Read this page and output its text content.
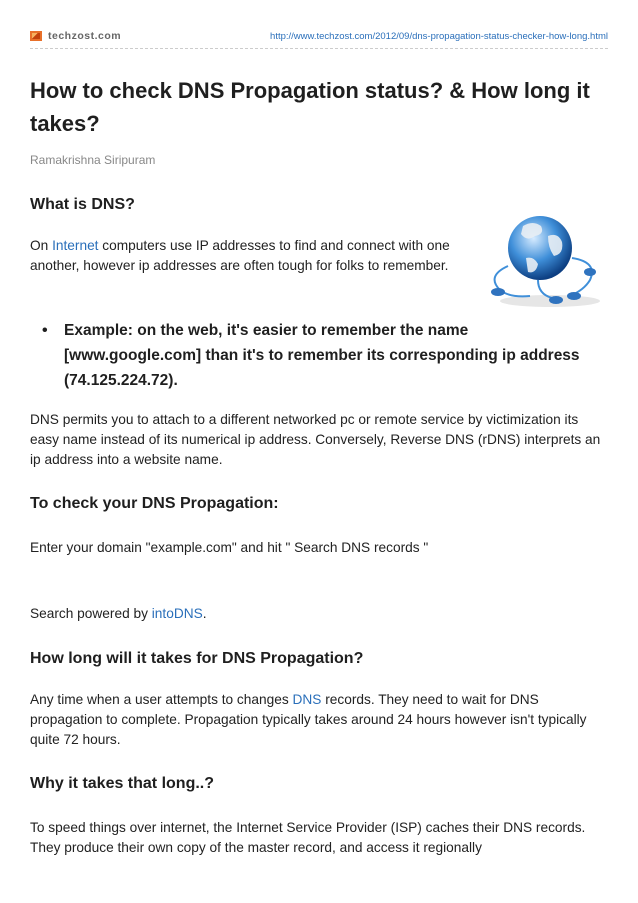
techzost.com	http://www.techzost.com/2012/09/dns-propagation-status-checker-how-long.html
How to check DNS Propagation status? & How long it takes?
Ramakrishna Siripuram
What is DNS?

On Internet computers use IP addresses to find and connect with one another, however ip addresses are often tough for folks to remember.

• Example: on the web, it's easier to remember the name [www.google.com] than it's to remember its corresponding ip address (74.125.224.72).

DNS permits you to attach to a different networked pc or remote service by victimization its easy name instead of its numerical ip address. Conversely, Reverse DNS (rDNS) interprets an ip address into a website name.

To check your DNS Propagation:

Enter your domain "example.com" and hit " Search DNS records "

Search powered by intoDNS.

How long will it takes for DNS Propagation?

Any time when a user attempts to changes DNS records. They need to wait for DNS propagation to complete. Propagation typically takes around 24 hours however isn't typically quite 72 hours.

Why it takes that long..?

To speed things over internet, the Internet Service Provider (ISP) caches their DNS records. They produce their own copy of the master record, and access it regionally
